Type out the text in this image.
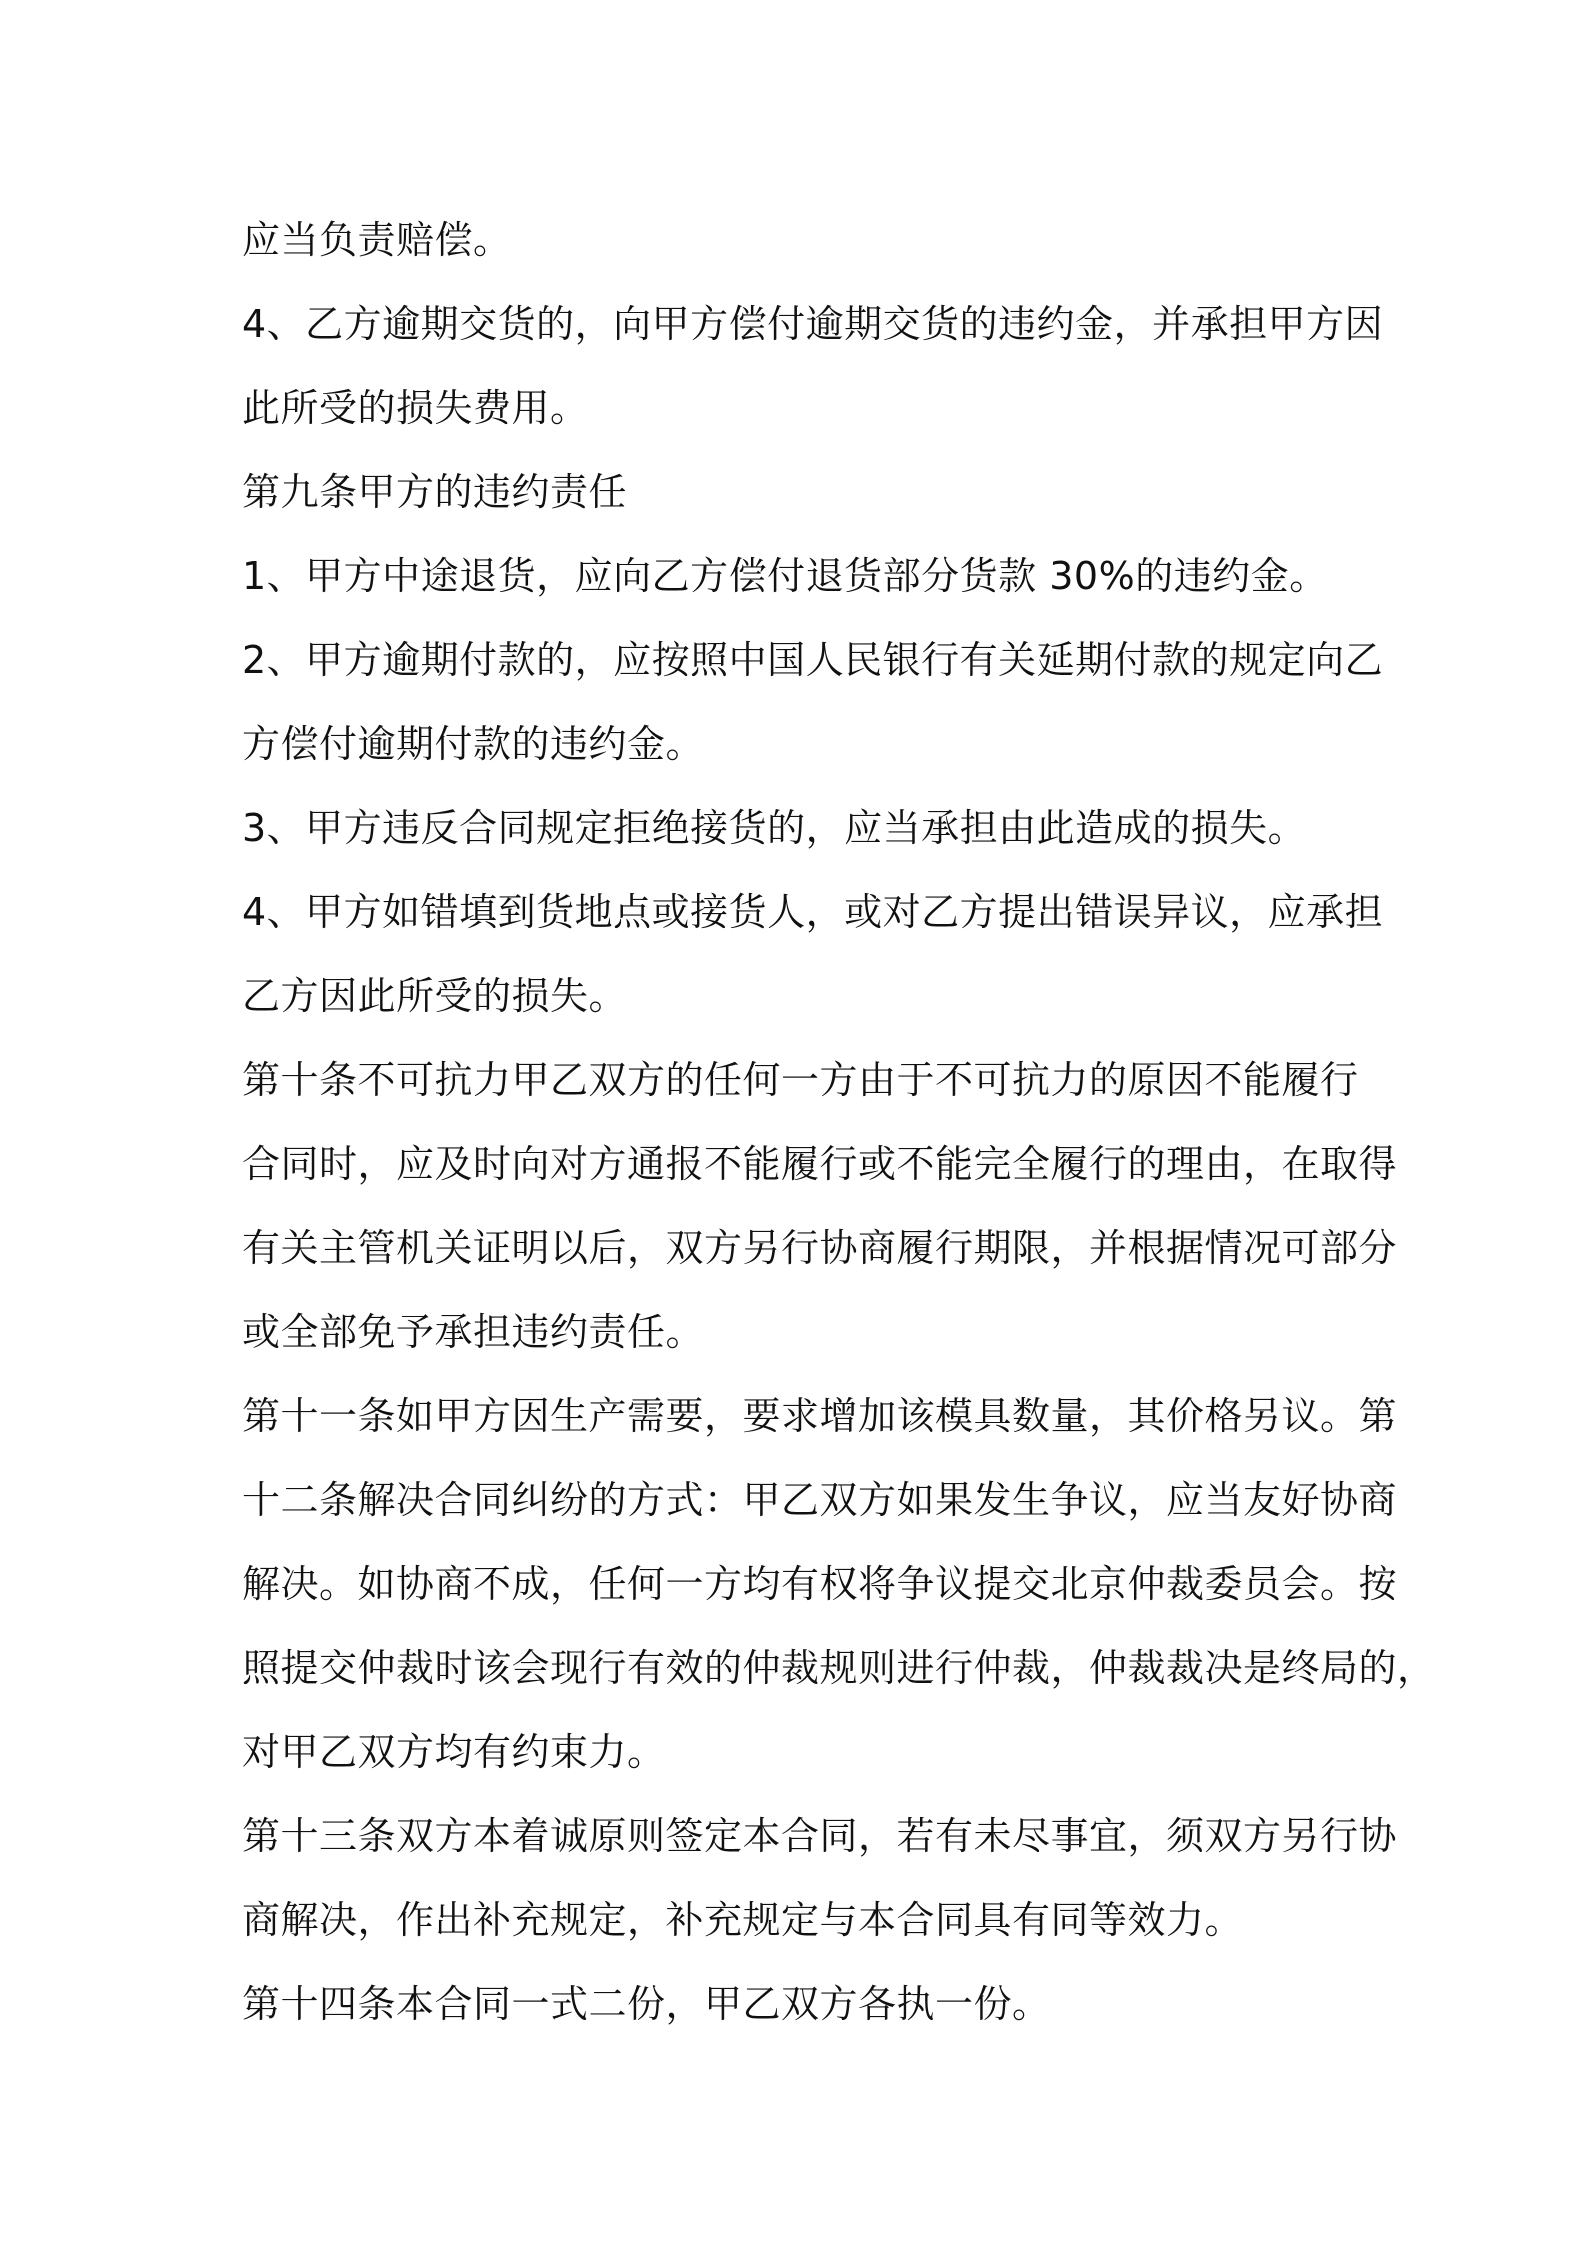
应当负责赔偿。
4、乙方逾期交货的，向甲方偿付逾期交货的违约金，并承担甲方因
此所受的损失费用。
第九条甲方的违约责任
1、甲方中途退货，应向乙方偿付退货部分货款 30%的违约金。
2、甲方逾期付款的，应按照中国人民银行有关延期付款的规定向乙
方偿付逾期付款的违约金。
3、甲方违反合同规定拒绝接货的，应当承担由此造成的损失。
4、甲方如错填到货地点或接货人，或对乙方提出错误异议，应承担
乙方因此所受的损失。
第十条不可抗力甲乙双方的任何一方由于不可抗力的原因不能履行
合同时，应及时向对方通报不能履行或不能完全履行的理由，在取得
有关主管机关证明以后，双方另行协商履行期限，并根据情况可部分
或全部免予承担违约责任。
第十一条如甲方因生产需要，要求增加该模具数量，其价格另议。第
十二条解决合同纠纷的方式：甲乙双方如果发生争议，应当友好协商
解决。如协商不成，任何一方均有权将争议提交北京仲裁委员会。按
照提交仲裁时该会现行有效的仲裁规则进行仲裁，仲裁裁决是终局的，
对甲乙双方均有约束力。
第十三条双方本着诚原则签定本合同，若有未尽事宜，须双方另行协
商解决，作出补充规定，补充规定与本合同具有同等效力。
第十四条本合同一式二份，甲乙双方各执一份。
